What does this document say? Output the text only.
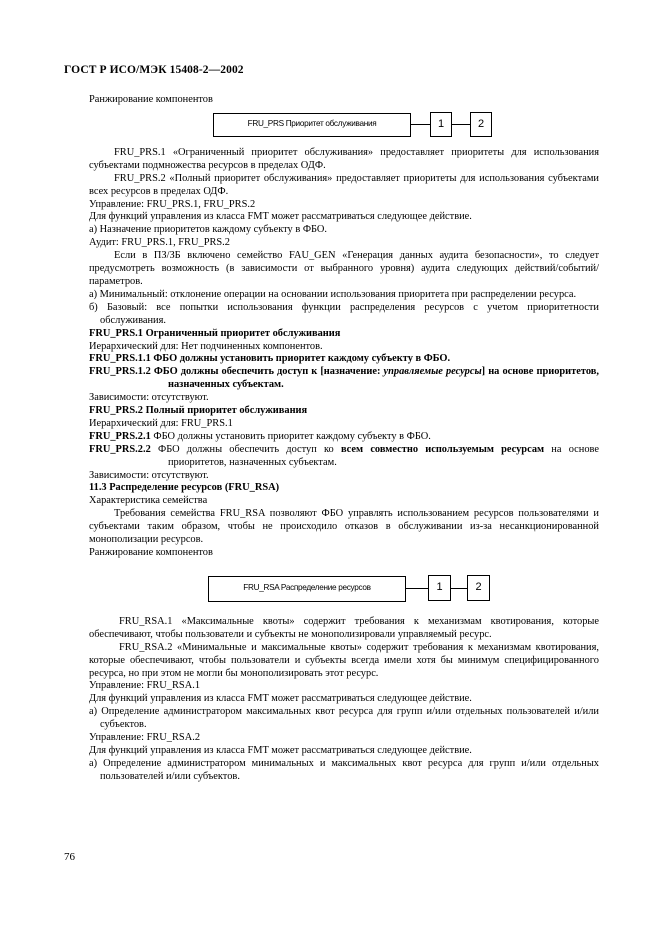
ГОСТ Р ИСО/МЭК 15408-2—2002

Ранжирование компонентов

FRU_PRS Приоритет обслуживания	1	2

FRU_PRS.1 «Ограниченный приоритет обслуживания» предоставляет приоритеты для использования субъектами подмножества ресурсов в пределах ОДФ.

FRU_PRS.2 «Полный приоритет обслуживания» предоставляет приоритеты для использования субъектами всех ресурсов в пределах ОДФ.

Управление: FRU_PRS.1, FRU_PRS.2

Для функций управления из класса FMT может рассматриваться следующее действие.

а) Назначение приоритетов каждому субъекту в ФБО.

Аудит: FRU_PRS.1, FRU_PRS.2

Если в ПЗ/ЗБ включено семейство FAU_GEN «Генерация данных аудита безопасности», то следует предусмотреть возможность (в зависимости от выбранного уровня) аудита следующих действий/событий/параметров.

а) Минимальный: отклонение операции на основании использования приоритета при распределении ресурса.

б) Базовый: все попытки использования функции распределения ресурсов с учетом приоритетности обслуживания.

FRU_PRS.1 Ограниченный приоритет обслуживания

Иерархический для: Нет подчиненных компонентов.

FRU_PRS.1.1 ФБО должны установить приоритет каждому субъекту в ФБО.

FRU_PRS.1.2 ФБО должны обеспечить доступ к [назначение: управляемые ресурсы] на основе приоритетов, назначенных субъектам.

Зависимости: отсутствуют.

FRU_PRS.2 Полный приоритет обслуживания

Иерархический для: FRU_PRS.1

FRU_PRS.2.1 ФБО должны установить приоритет каждому субъекту в ФБО.

FRU_PRS.2.2 ФБО должны обеспечить доступ ко всем совместно используемым ресурсам на основе приоритетов, назначенных субъектам.

Зависимости: отсутствуют.

11.3 Распределение ресурсов (FRU_RSA)

Характеристика семейства

Требования семейства FRU_RSA позволяют ФБО управлять использованием ресурсов пользователями и субъектами таким образом, чтобы не происходило отказов в обслуживании из-за несанкционированной монополизации ресурсов.

Ранжирование компонентов

FRU_RSA Распределение ресурсов	1	2

FRU_RSA.1 «Максимальные квоты» содержит требования к механизмам квотирования, которые обеспечивают, чтобы пользователи и субъекты не монополизировали управляемый ресурс.

FRU_RSA.2 «Минимальные и максимальные квоты» содержит требования к механизмам квотирования, которые обеспечивают, чтобы пользователи и субъекты всегда имели хотя бы минимум специфицированного ресурса, но при этом не могли бы монополизировать этот ресурс.

Управление: FRU_RSA.1

Для функций управления из класса FMT может рассматриваться следующее действие.

а) Определение администратором максимальных квот ресурса для групп и/или отдельных пользователей и/или субъектов.

Управление: FRU_RSA.2

Для функций управления из класса FMT может рассматриваться следующее действие.

а) Определение администратором минимальных и максимальных квот ресурса для групп и/или отдельных пользователей и/или субъектов.

76
